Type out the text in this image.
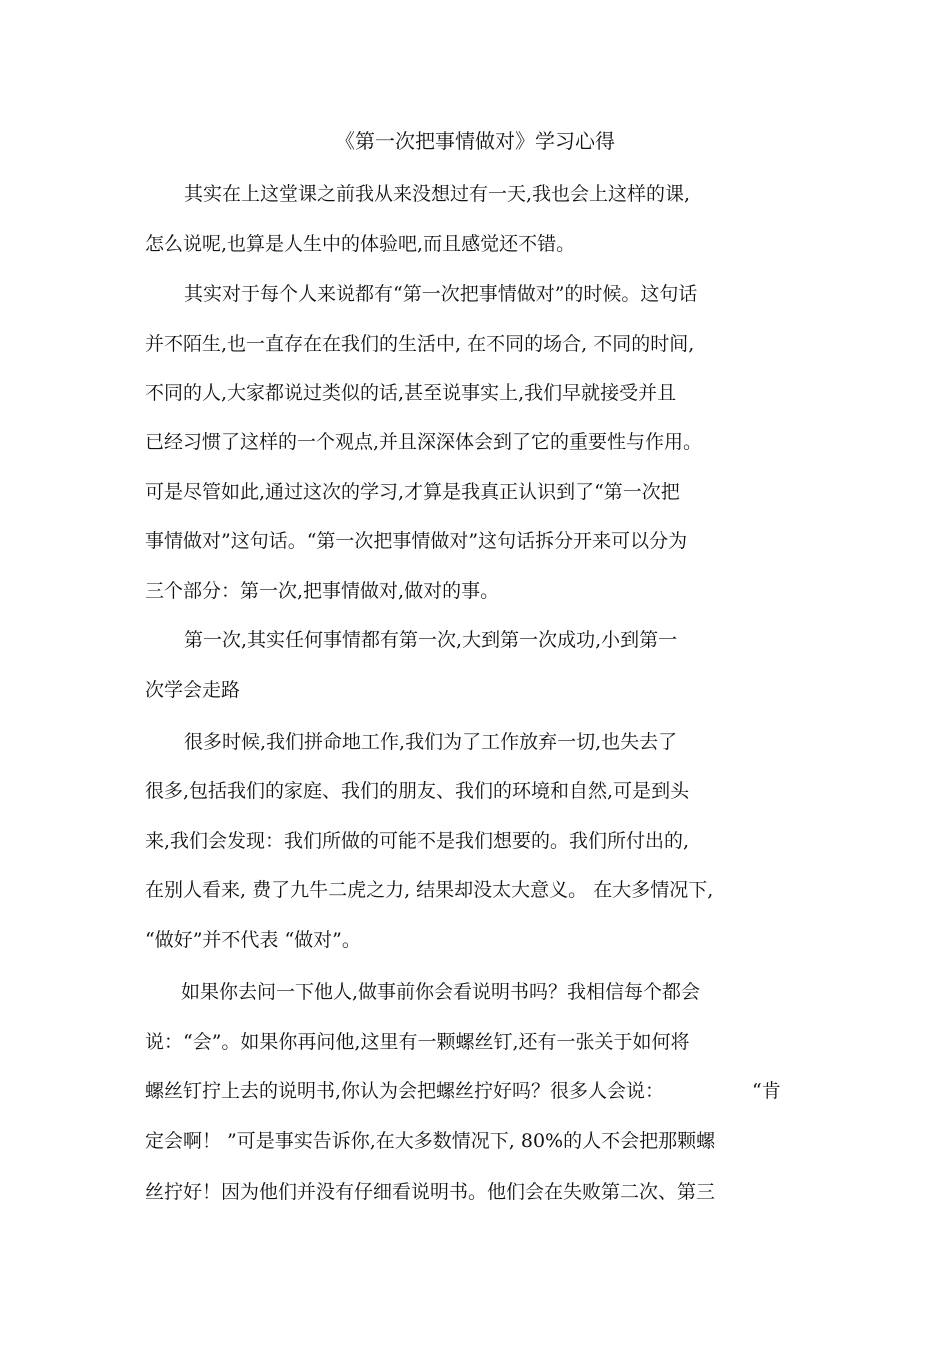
《第一次把事情做对》学习心得
其实在上这堂课之前我从来没想过有一天,我也会上这样的课,
怎么说呢,也算是人生中的体验吧,而且感觉还不错。
其实对于每个人来说都有“第一次把事情做对”的时候。这句话
并不陌生,也一直存在在我们的生活中, 在不同的场合, 不同的时间,
不同的人,大家都说过类似的话,甚至说事实上,我们早就接受并且
已经习惯了这样的一个观点,并且深深体会到了它的重要性与作用。
可是尽管如此,通过这次的学习,才算是我真正认识到了“第一次把
事情做对”这句话。“第一次把事情做对”这句话拆分开来可以分为
三个部分：第一次,把事情做对,做对的事。
第一次,其实任何事情都有第一次,大到第一次成功,小到第一
次学会走路
很多时候,我们拼命地工作,我们为了工作放弃一切,也失去了
很多,包括我们的家庭、我们的朋友、我们的环境和自然,可是到头
来,我们会发现：我们所做的可能不是我们想要的。我们所付出的,
在别人看来, 费了九牛二虎之力, 结果却没太大意义。 在大多情况下,
“做好”并不代表 “做对”。
如果你去问一下他人,做事前你会看说明书吗？我相信每个都会
说：“会”。如果你再问他,这里有一颗螺丝钉,还有一张关于如何将
螺丝钉拧上去的说明书,你认为会把螺丝拧好吗？很多人会说：	“肯
定会啊！ ”可是事实告诉你,在大多数情况下, 80%的人不会把那颗螺
丝拧好！因为他们并没有仔细看说明书。他们会在失败第二次、第三
